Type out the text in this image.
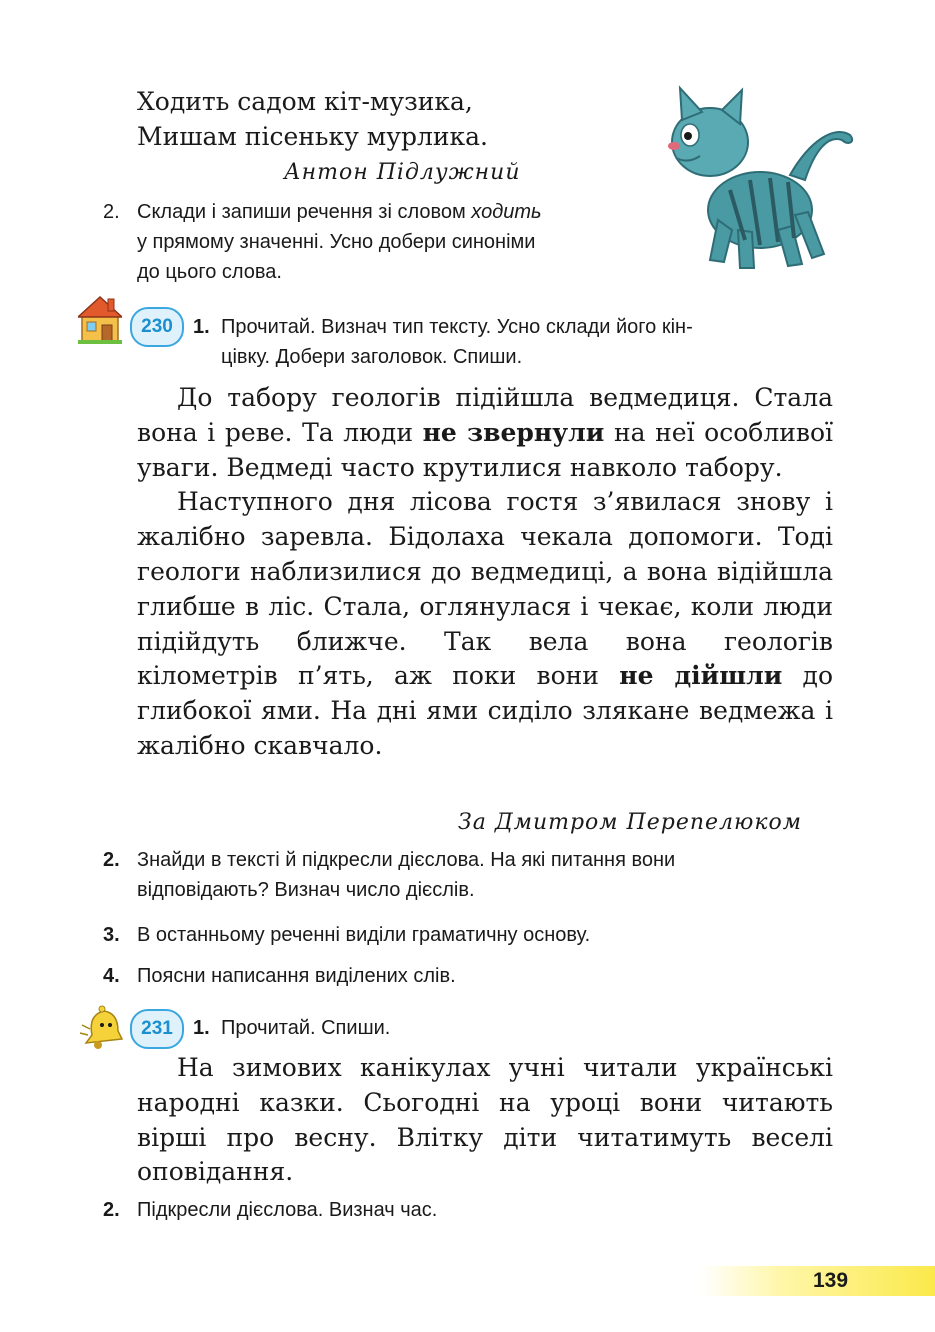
Ходить садом кіт-музика,
Мишам пісеньку мурлика.
Антон Підлужний
2. Склади і запиши речення зі словом ходить
у прямому значенні. Усно добери синоніми
до цього слова.
230	1. Прочитай. Визнач тип тексту. Усно склади його кін-
цівку. Добери заголовок. Спиши.

До табору геологів підійшла ведмедиця. Стала вона і реве. Та люди не звернули на неї особливої уваги. Ведмеді часто крутилися навколо табору.

Наступного дня лісова гостя з’явилася знову і жалібно заревла. Бідолаха чекала допомоги. Тоді геологи наблизилися до ведмедиці, а вона відійшла глибше в ліс. Стала, оглянулася і чекає, коли люди підійдуть ближче. Так вела вона геологів кілометрів п’ять, аж поки вони не дійшли до глибокої ями. На дні ями сиділо злякане ведмежа і жалібно скавчало.

За Дмитром Перепелюком
2. Знайди в тексті й підкресли дієслова. На які питання вони
відповідають? Визнач число дієслів.
3. В останньому реченні виділи граматичну основу.
4. Поясни написання виділених слів.
231	1. Прочитай. Спиши.

На зимових канікулах учні читали українські народні казки. Сьогодні на уроці вони читають вірші про весну. Влітку діти читатимуть веселі оповідання.

2. Підкресли дієслова. Визнач час.
139
